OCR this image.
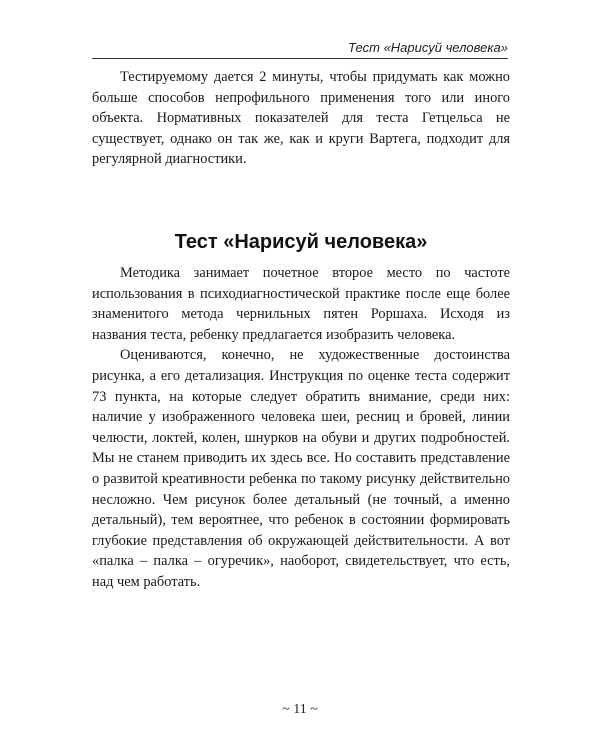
Тест «Нарисуй человека»

Тестируемому дается 2 минуты, чтобы придумать как можно больше способов непрофильного применения того или иного объекта. Нормативных показателей для теста Гетцельса не существует, однако он так же, как и круги Вартега, подходит для регулярной диагностики.

Тест «Нарисуй человека»

Методика занимает почетное второе место по частоте использования в психодиагностической практике после еще более знаменитого метода чернильных пятен Роршаха. Исходя из названия теста, ребенку предлагается изобразить человека.

Оцениваются, конечно, не художественные достоинства рисунка, а его детализация. Инструкция по оценке теста содержит 73 пункта, на которые следует обратить внимание, среди них: наличие у изображенного человека шеи, ресниц и бровей, линии челюсти, локтей, колен, шнурков на обуви и других подробностей. Мы не станем приводить их здесь все. Но составить представление о развитой креативности ребенка по такому рисунку действительно несложно. Чем рисунок более детальный (не точный, а именно детальный), тем вероятнее, что ребенок в состоянии формировать глубокие представления об окружающей действительности. А вот «палка – палка – огуречик», наоборот, свидетельствует, что есть, над чем работать.

~ 11 ~
